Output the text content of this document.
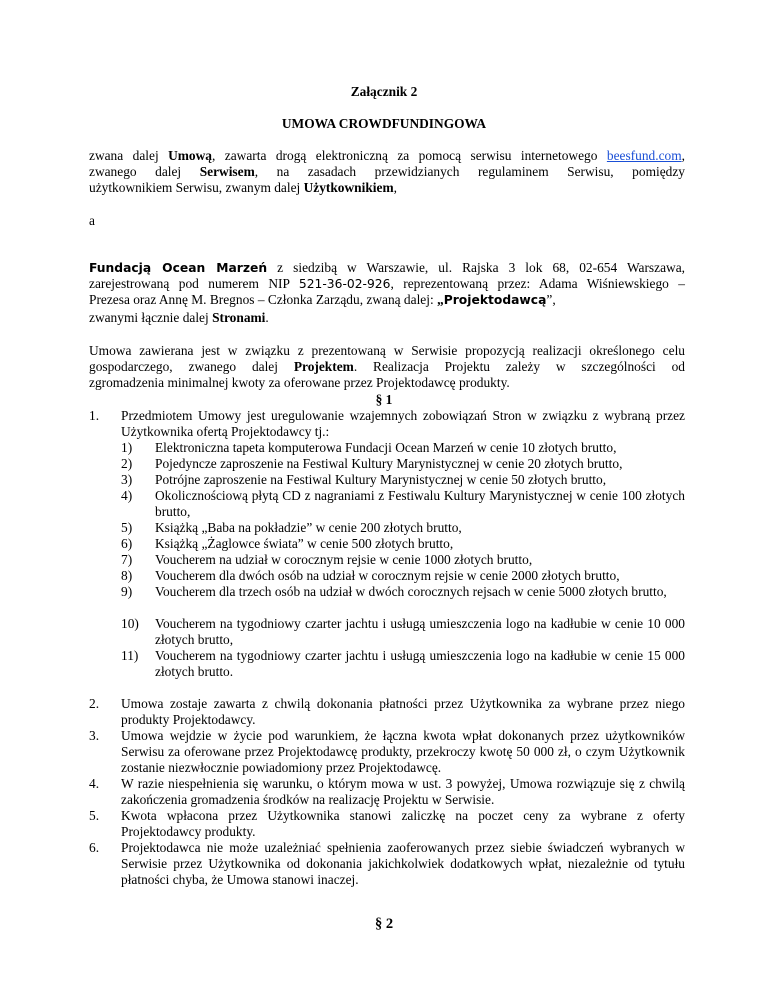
Załącznik 2
UMOWA CROWDFUNDINGOWA
zwana dalej Umową, zawarta drogą elektroniczną za pomocą serwisu internetowego beesfund.com,
zwanego dalej Serwisem, na zasadach przewidzianych regulaminem Serwisu, pomiędzy
użytkownikiem Serwisu, zwanym dalej Użytkownikiem,
a
Fundacją Ocean Marzeń z siedzibą w Warszawie, ul. Rajska 3 lok 68, 02-654 Warszawa,
zarejestrowaną pod numerem NIP 521-36-02-926, reprezentowaną przez: Adama Wiśniewskiego –
Prezesa oraz Annę M. Bregnos – Członka Zarządu, zwaną dalej: „Projektodawcą”,
zwanymi łącznie dalej Stronami.
Umowa zawierana jest w związku z prezentowaną w Serwisie propozycją realizacji określonego celu
gospodarczego, zwanego dalej Projektem. Realizacja Projektu zależy w szczególności od
zgromadzenia minimalnej kwoty za oferowane przez Projektodawcę produkty.
§ 1
1. Przedmiotem Umowy jest uregulowanie wzajemnych zobowiązań Stron w związku z wybraną przez Użytkownika ofertą Projektodawcy tj.:
1)	Elektroniczna tapeta komputerowa Fundacji Ocean Marzeń w cenie 10 złotych brutto,
2)	Pojedyncze zaproszenie na Festiwal Kultury Marynistycznej w cenie 20 złotych brutto,
3)	Potrójne zaproszenie na Festiwal Kultury Marynistycznej w cenie 50 złotych brutto,
4)	Okolicznościową płytą CD z nagraniami z Festiwalu Kultury Marynistycznej w cenie 100 złotych brutto,
5)	Książką „Baba na pokładzie” w cenie 200 złotych brutto,
6)	Książką „Żaglowce świata” w cenie 500 złotych brutto,
7)	Voucherem na udział w corocznym rejsie w cenie 1000 złotych brutto,
8)	Voucherem dla dwóch osób na udział w corocznym rejsie w cenie 2000 złotych brutto,
9)	Voucherem dla trzech osób na udział w dwóch corocznych rejsach w cenie 5000 złotych brutto,
10)	Voucherem na tygodniowy czarter jachtu i usługą umieszczenia logo na kadłubie w cenie 10 000 złotych brutto,
11)	Voucherem na tygodniowy czarter jachtu i usługą umieszczenia logo na kadłubie w cenie 15 000 złotych brutto.
2. Umowa zostaje zawarta z chwilą dokonania płatności przez Użytkownika za wybrane przez niego produkty Projektodawcy.
3. Umowa wejdzie w życie pod warunkiem, że łączna kwota wpłat dokonanych przez użytkowników Serwisu za oferowane przez Projektodawcę produkty, przekroczy kwotę 50 000 zł, o czym Użytkownik zostanie niezwłocznie powiadomiony przez Projektodawcę.
4. W razie niespełnienia się warunku, o którym mowa w ust. 3 powyżej, Umowa rozwiązuje się z chwilą zakończenia gromadzenia środków na realizację Projektu w Serwisie.
5. Kwota wpłacona przez Użytkownika stanowi zaliczkę na poczet ceny za wybrane z oferty Projektodawcy produkty.
6. Projektodawca nie może uzależniać spełnienia zaoferowanych przez siebie świadczeń wybranych w Serwisie przez Użytkownika od dokonania jakichkolwiek dodatkowych wpłat, niezależnie od tytułu płatności chyba, że Umowa stanowi inaczej.
§ 2
